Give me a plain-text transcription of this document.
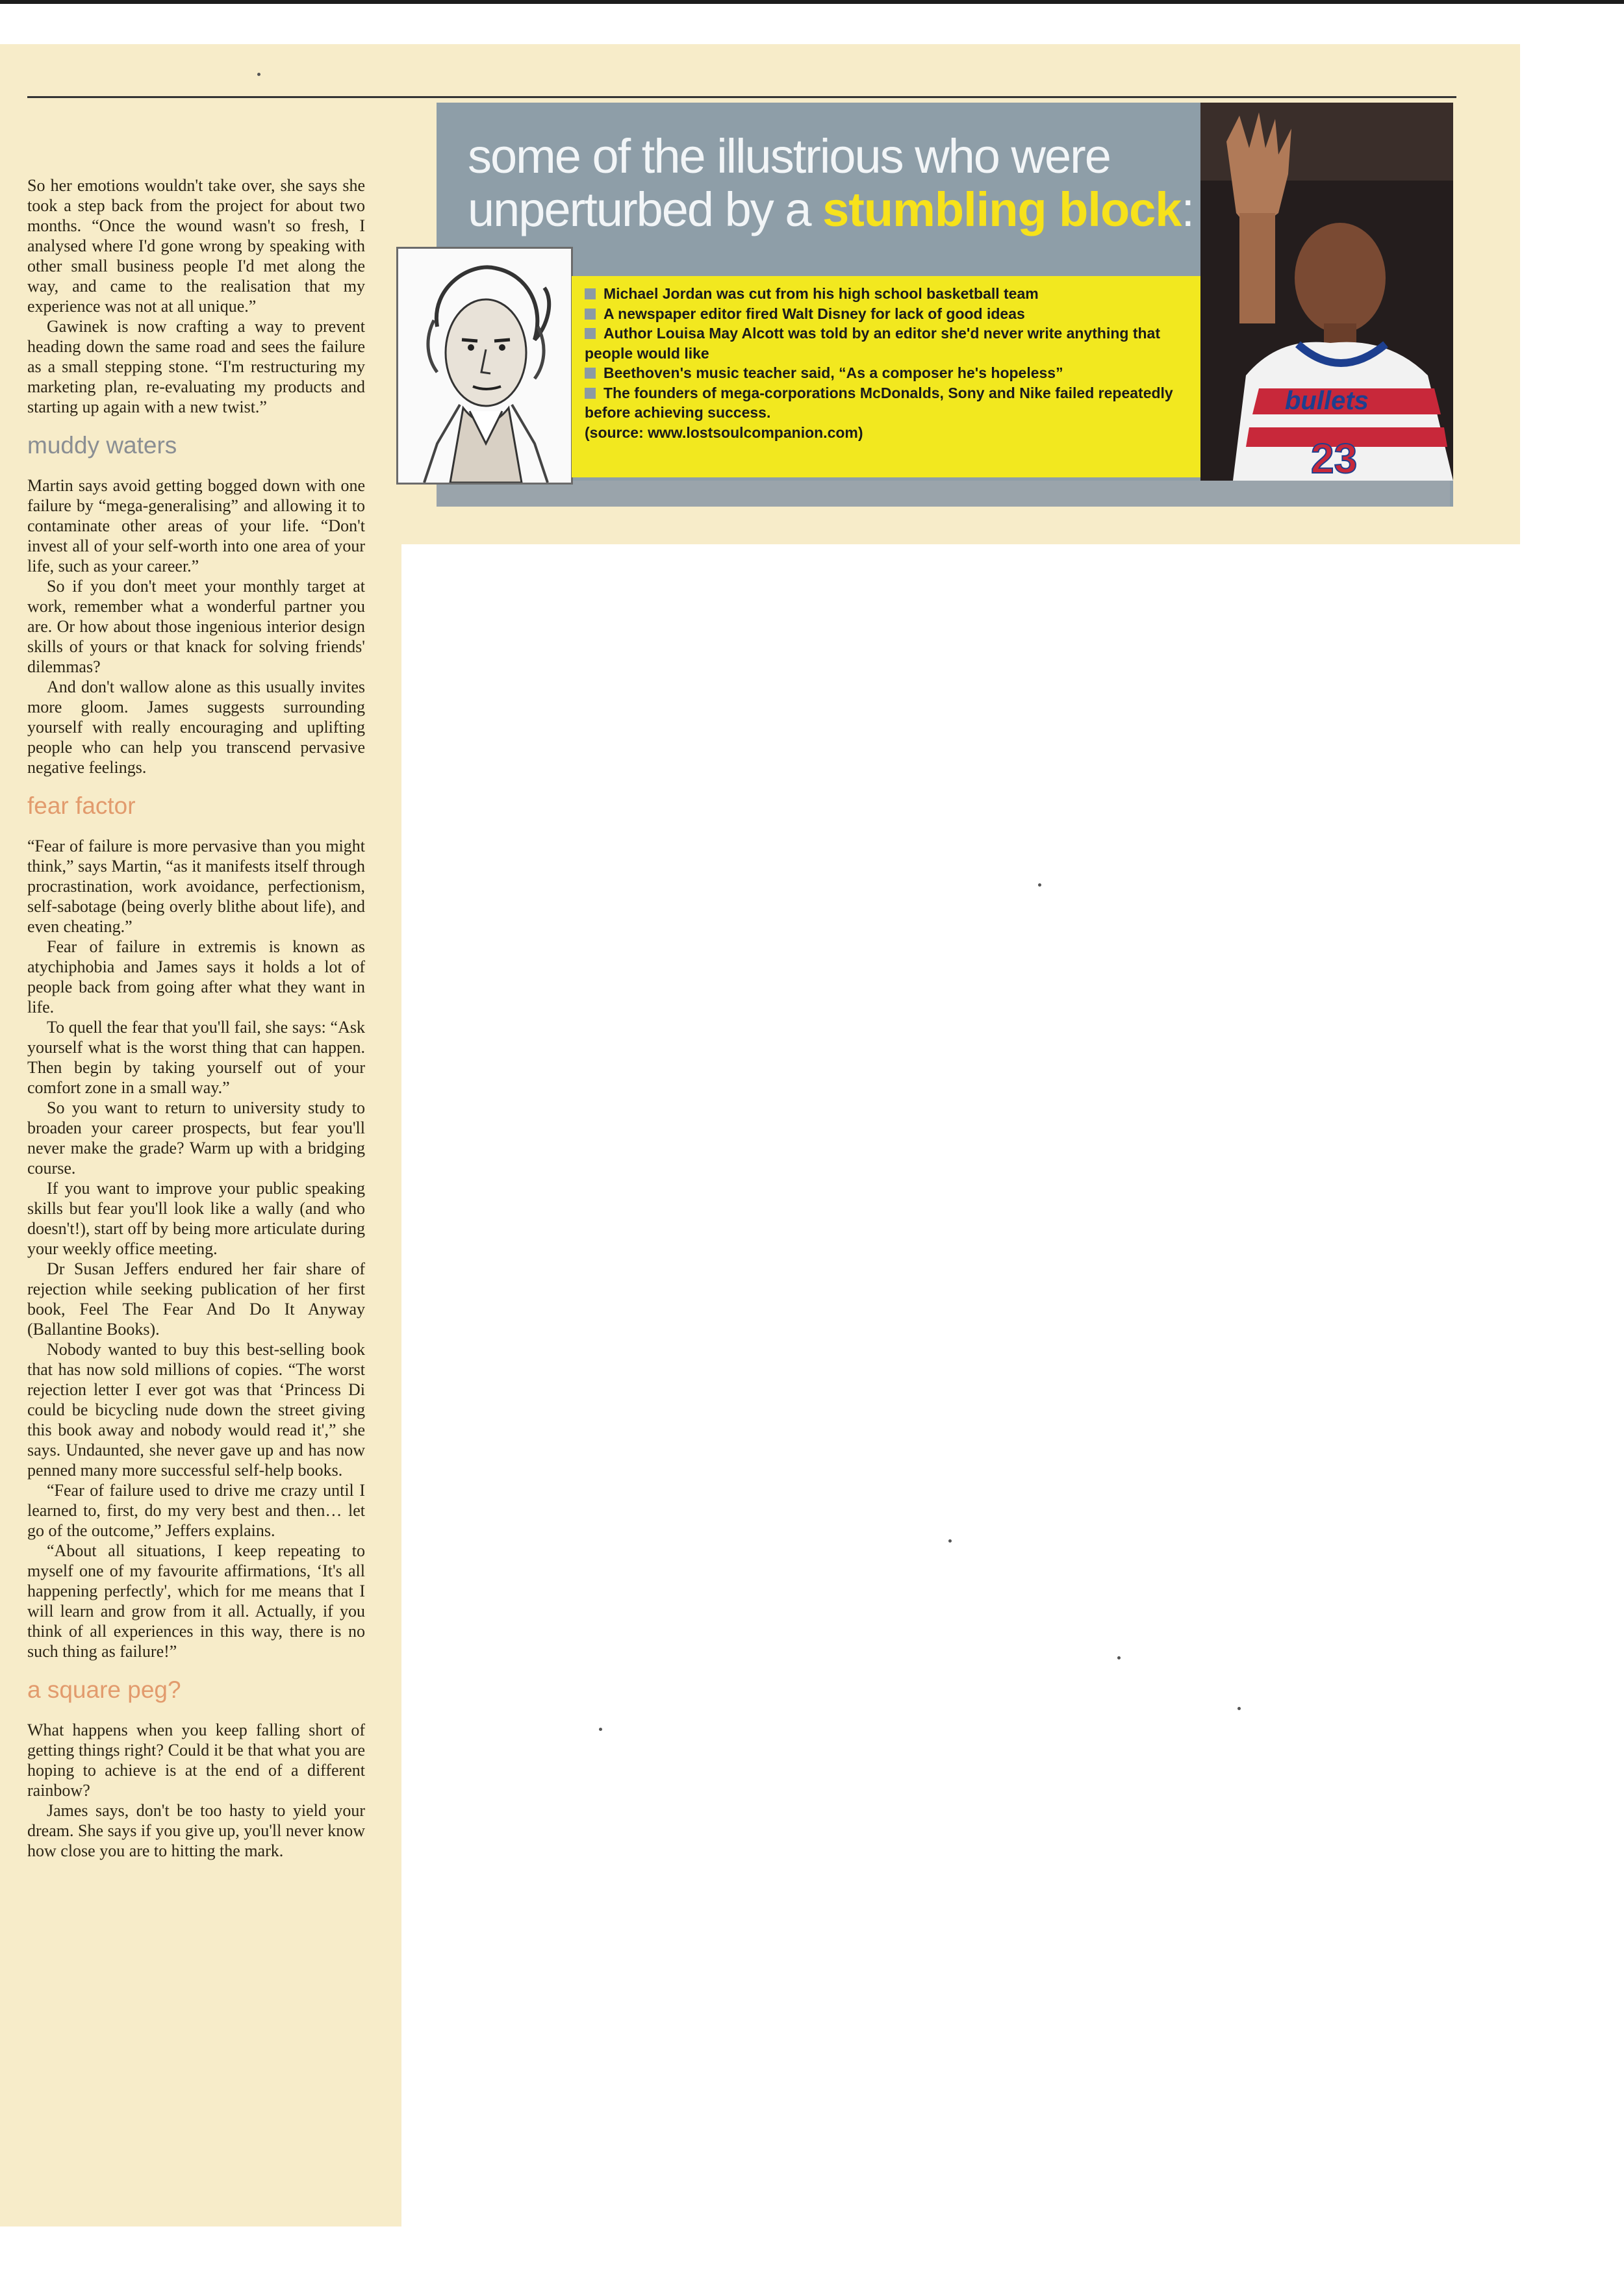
some of the illustrious who were unperturbed by a stumbling block:
bullets
23
Michael Jordan was cut from his high school basketball team
A newspaper editor fired Walt Disney for lack of good ideas
Author Louisa May Alcott was told by an editor she'd never write anything that people would like
Beethoven's music teacher said, “As a composer he's hopeless”
The founders of mega-corporations McDonalds, Sony and Nike failed repeatedly before achieving success.
(source: www.lostsoulcompanion.com)

So her emotions wouldn't take over, she says she took a step back from the project for about two months. “Once the wound wasn't so fresh, I analysed where I'd gone wrong by speaking with other small business people I'd met along the way, and came to the realisation that my experience was not at all unique.”

Gawinek is now crafting a way to prevent heading down the same road and sees the failure as a small stepping stone. “I'm restructuring my marketing plan, re-evaluating my products and starting up again with a new twist.”

muddy waters

Martin says avoid getting bogged down with one failure by “mega-generalising” and allowing it to contaminate other areas of your life. “Don't invest all of your self-worth into one area of your life, such as your career.”

So if you don't meet your monthly target at work, remember what a wonderful partner you are. Or how about those ingenious interior design skills of yours or that knack for solving friends' dilemmas?

And don't wallow alone as this usually invites more gloom. James suggests surrounding yourself with really encouraging and uplifting people who can help you transcend pervasive negative feelings.

fear factor

“Fear of failure is more pervasive than you might think,” says Martin, “as it manifests itself through procrastination, work avoidance, perfectionism, self-sabotage (being overly blithe about life), and even cheating.”

Fear of failure in extremis is known as atychiphobia and James says it holds a lot of people back from going after what they want in life.

To quell the fear that you'll fail, she says: “Ask yourself what is the worst thing that can happen. Then begin by taking yourself out of your comfort zone in a small way.”

So you want to return to university study to broaden your career prospects, but fear you'll never make the grade? Warm up with a bridging course.

If you want to improve your public speaking skills but fear you'll look like a wally (and who doesn't!), start off by being more articulate during your weekly office meeting.

Dr Susan Jeffers endured her fair share of rejection while seeking publication of her first book, Feel The Fear And Do It Anyway (Ballantine Books).

Nobody wanted to buy this best-selling book that has now sold millions of copies. “The worst rejection letter I ever got was that ‘Princess Di could be bicycling nude down the street giving this book away and nobody would read it',” she says. Undaunted, she never gave up and has now penned many more successful self-help books.

“Fear of failure used to drive me crazy until I learned to, first, do my very best and then… let go of the outcome,” Jeffers explains.

“About all situations, I keep repeating to myself one of my favourite affirmations, ‘It's all happening perfectly', which for me means that I will learn and grow from it all. Actually, if you think of all experiences in this way, there is no such thing as failure!”

a square peg?

What happens when you keep falling short of getting things right? Could it be that what you are hoping to achieve is at the end of a different rainbow?

James says, don't be too hasty to yield your dream. She says if you give up, you'll never know how close you are to hitting the mark.
